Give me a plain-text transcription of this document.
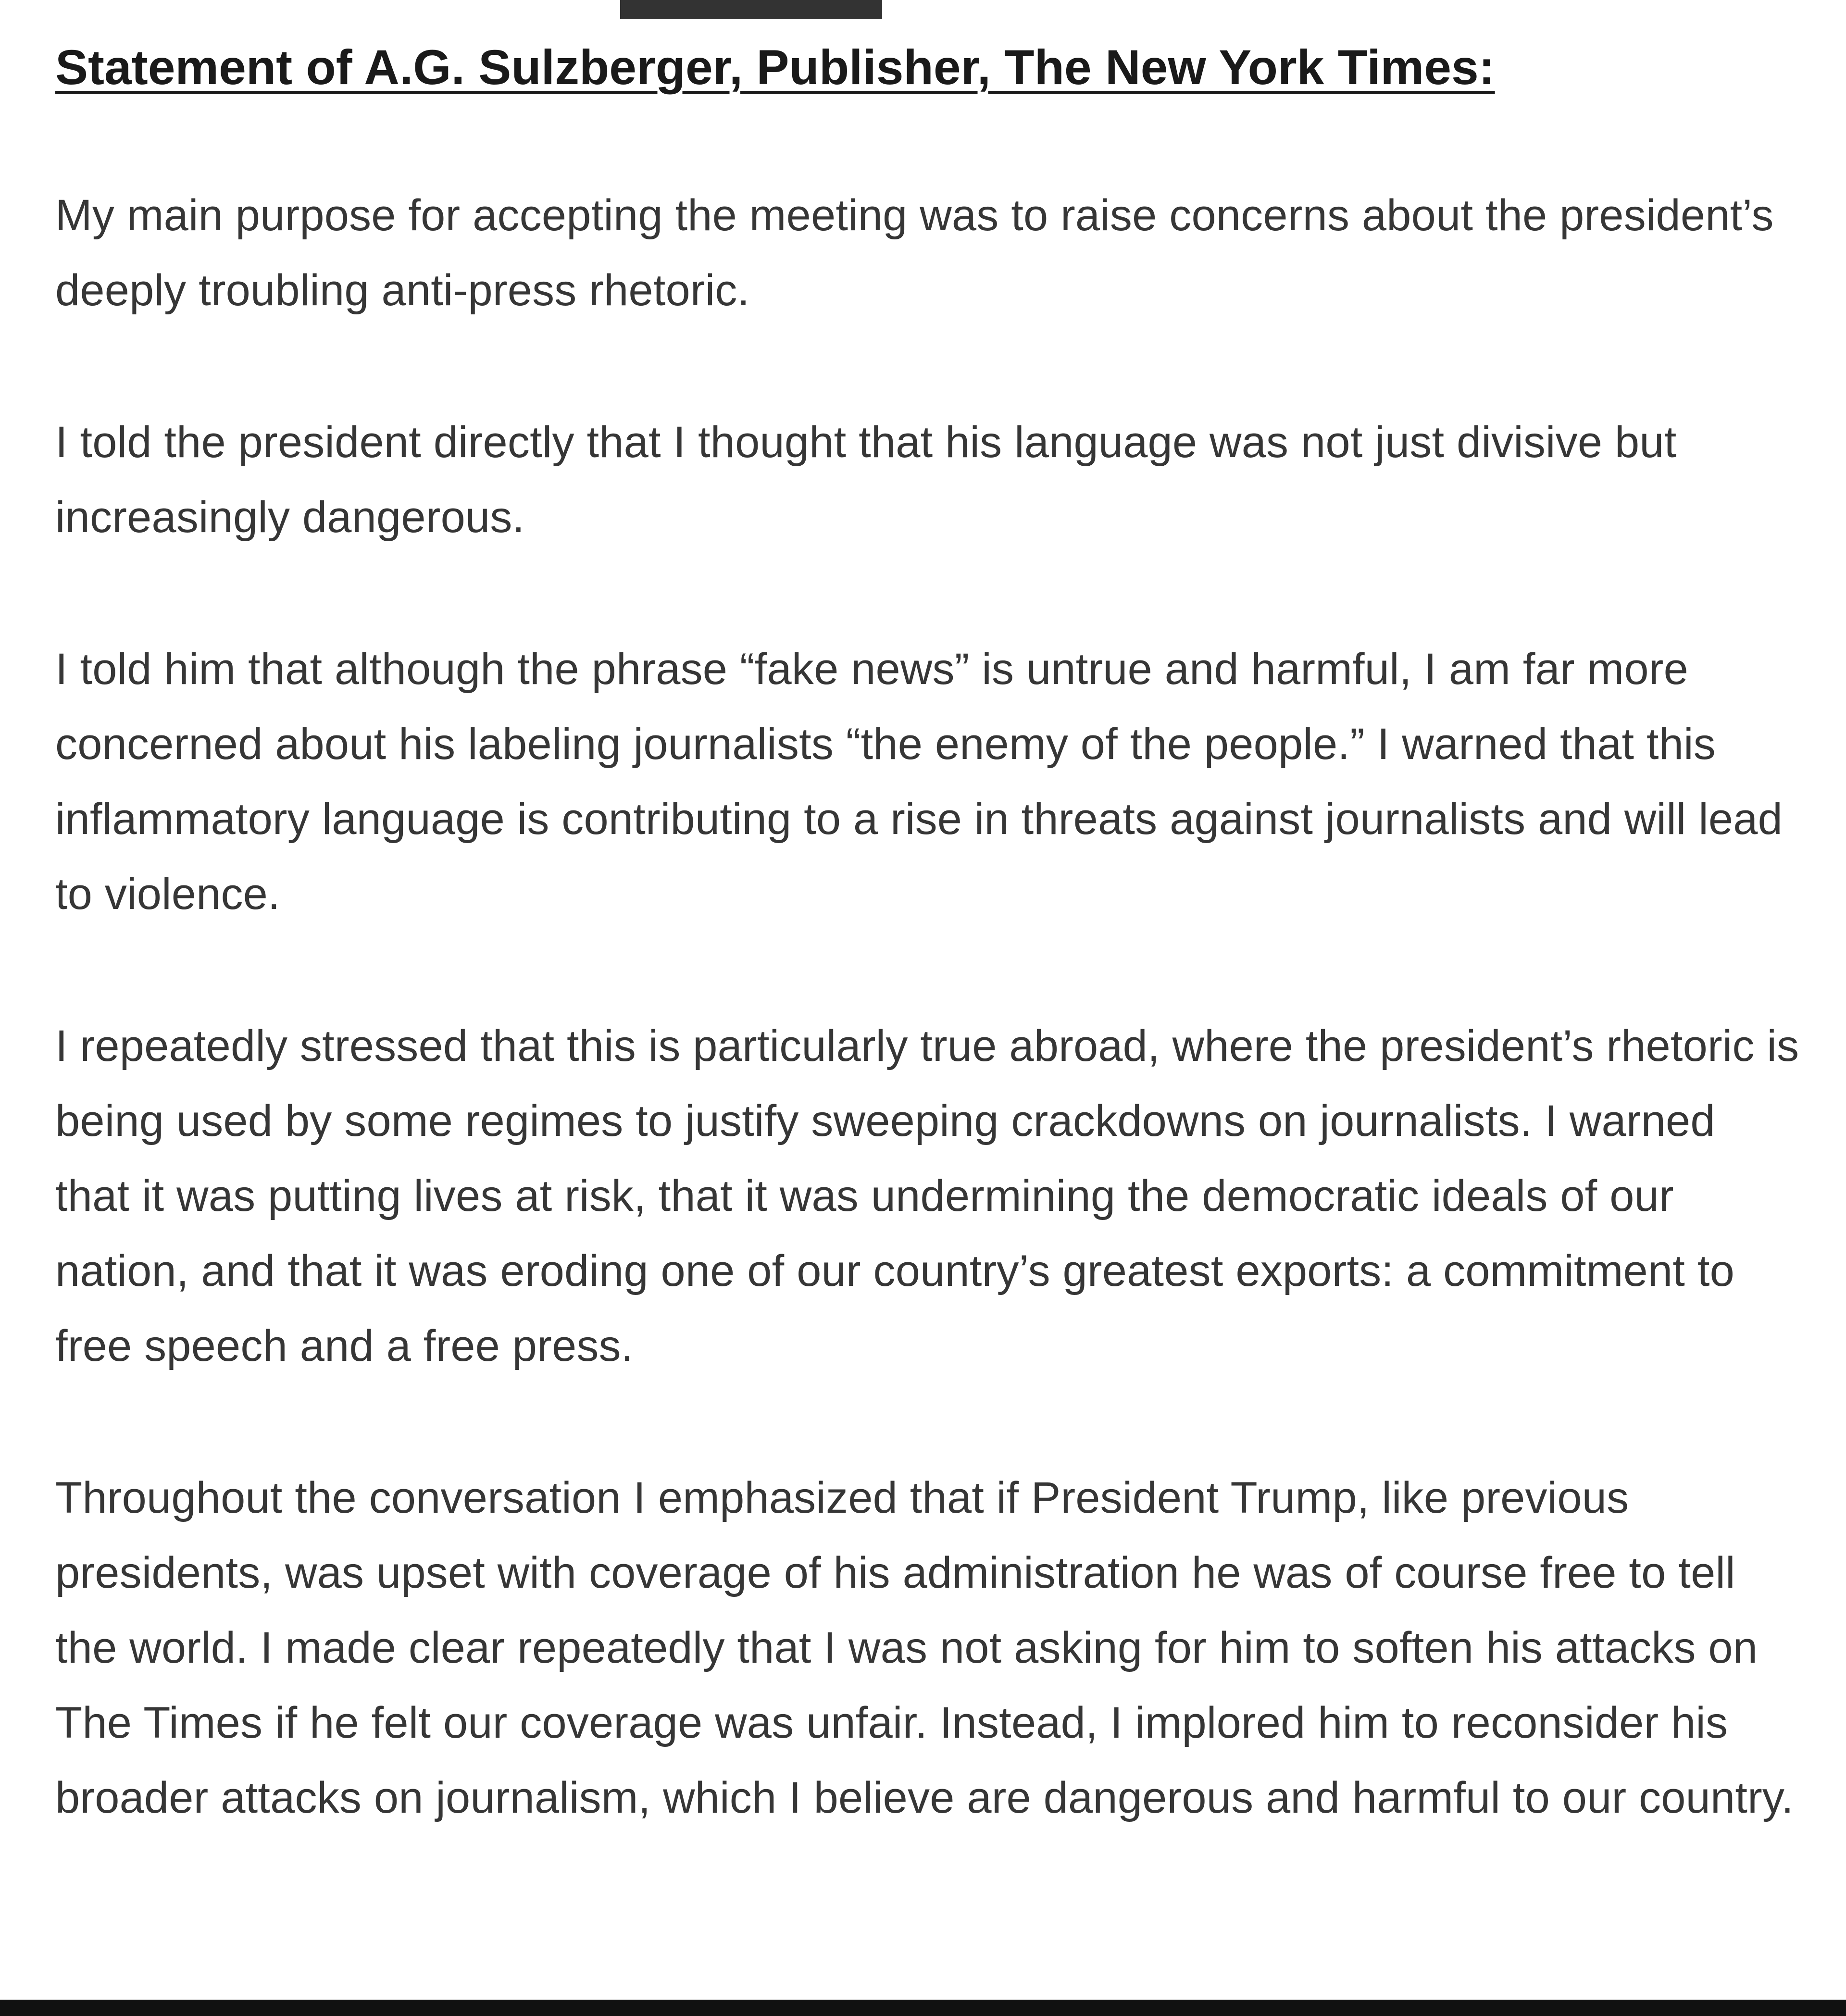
Statement of A.G. Sulzberger, Publisher, The New York Times:

My main purpose for accepting the meeting was to raise concerns about the president’s deeply troubling anti-press rhetoric.

I told the president directly that I thought that his language was not just divisive but increasingly dangerous.

I told him that although the phrase “fake news” is untrue and harmful, I am far more concerned about his labeling journalists “the enemy of the people.” I warned that this inflammatory language is contributing to a rise in threats against journalists and will lead to violence.

I repeatedly stressed that this is particularly true abroad, where the president’s rhetoric is being used by some regimes to justify sweeping crackdowns on journalists. I warned that it was putting lives at risk, that it was undermining the democratic ideals of our nation, and that it was eroding one of our country’s greatest exports: a commitment to free speech and a free press.

Throughout the conversation I emphasized that if President Trump, like previous presidents, was upset with coverage of his administration he was of course free to tell the world. I made clear repeatedly that I was not asking for him to soften his attacks on The Times if he felt our coverage was unfair. Instead, I implored him to reconsider his broader attacks on journalism, which I believe are dangerous and harmful to our country.
